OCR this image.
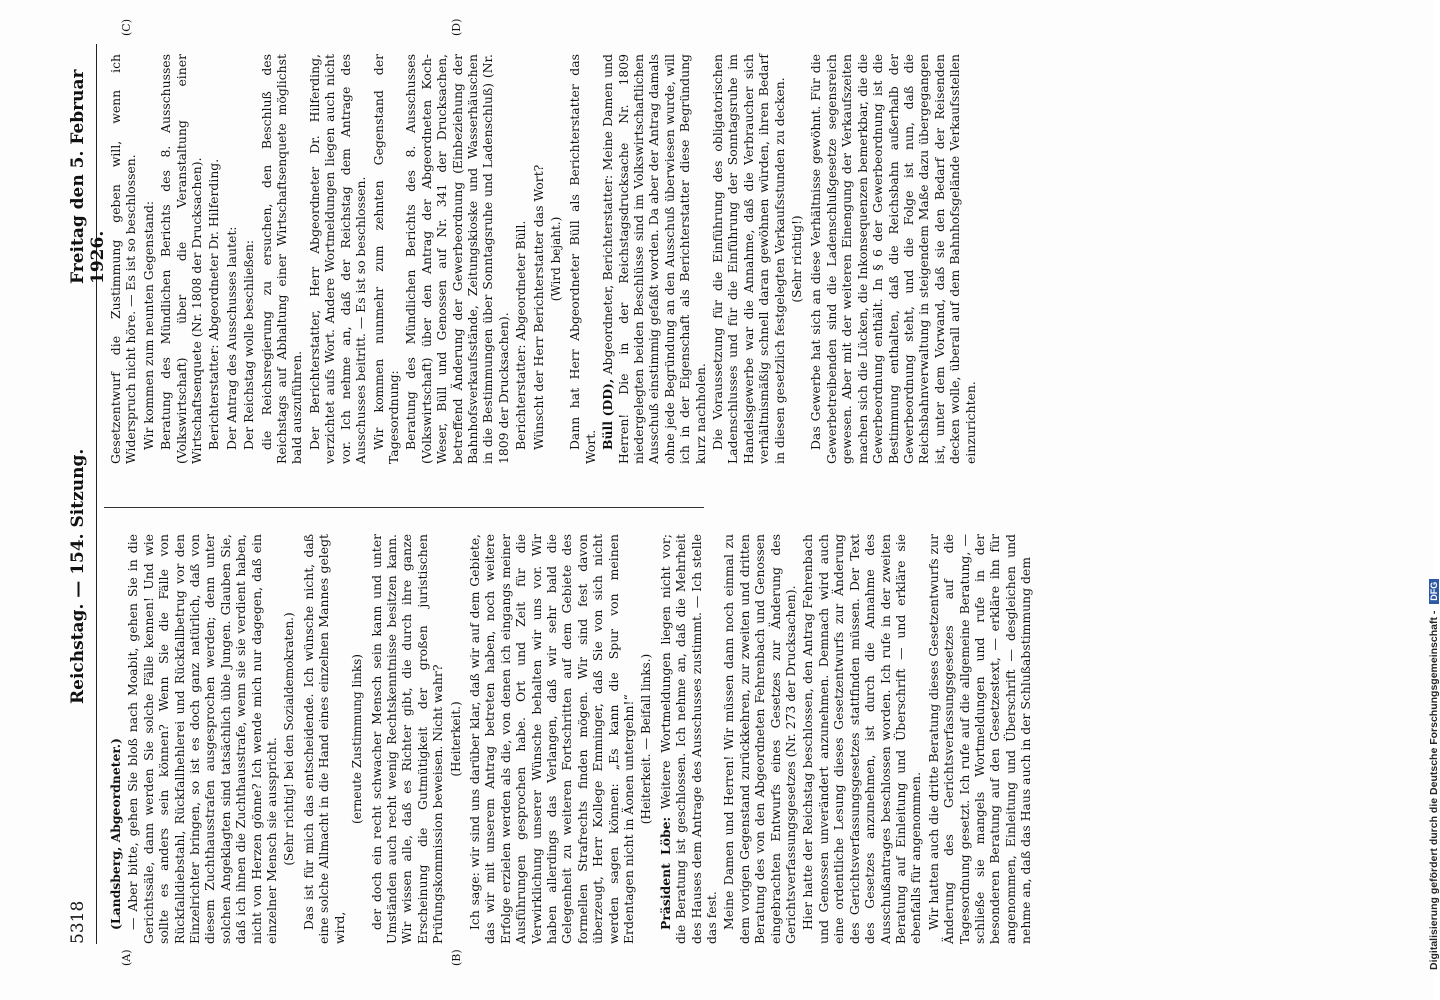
5318
Reichstag. — 154. Sitzung.
Freitag den 5. Februar 1926.
(A)	(B)
(C)	(D)

(Landsberg, Abgeordneter.) — Aber bitte, gehen Sie bloß nach Moabit, gehen Sie in die Gerichtssäle, dann werden Sie solche Fälle kennen! Und wie sollte es anders sein können? Wenn Sie die Fälle von Rückfalldiebstahl, Rückfallhehlerei und Rückfallbetrug vor den Einzelrichter bringen, so ist es doch ganz natürlich, daß von diesem Zuchthausstrafen ausgesprochen werden; denn unter solchen Angeklagten sind tatsächlich üble Jungen. Glauben Sie, daß ich ihnen die Zuchthausstrafe, wenn sie sie verdient haben, nicht von Herzen gönne? Ich wende mich nur dagegen, daß ein einzelner Mensch sie ausspricht. (Sehr richtig! bei den Sozialdemokraten.) Das ist für mich das entscheidende. Ich wünsche nicht, daß eine solche Allmacht in die Hand eines einzelnen Mannes gelegt wird,

(erneute Zustimmung links) der doch ein recht schwacher Mensch sein kann und unter Umständen auch recht wenig Rechtskenntnisse besitzen kann. Wir wissen alle, daß es Richter gibt, die durch ihre ganze Erscheinung die Gutmütigkeit der großen juristischen Prüfungskommission beweisen. Nicht wahr? (Heiterkeit.) Ich sage: wir sind uns darüber klar, daß wir auf dem Gebiete, das wir mit unserem Antrag betreten haben, noch weitere Erfolge erzielen werden als die, von denen ich eingangs meiner Ausführungen gesprochen habe. Ort und Zeit für die Verwirklichung unserer Wünsche behalten wir uns vor. Wir haben allerdings das Verlangen, daß wir sehr bald die Gelegenheit zu weiteren Fortschritten auf dem Gebiete des formellen Strafrechts finden mögen. Wir sind fest davon überzeugt, Herr Kollege Emminger, daß Sie von sich nicht werden sagen können: „Es kann die Spur von meinen Erdentagen nicht in Äonen untergehn!“ (Heiterkeit. — Beifall links.)

Präsident Löbe: Weitere Wortmeldungen liegen nicht vor; die Beratung ist geschlossen. Ich nehme an, daß die Mehrheit des Hauses dem Antrage des Ausschusses zustimmt. — Ich stelle das fest. Meine Damen und Herren! Wir müssen dann noch einmal zu dem vorigen Gegenstand zurückkehren, zur zweiten und dritten Beratung des von den Abgeordneten Fehrenbach und Genossen eingebrachten Entwurfs eines Gesetzes zur Änderung des Gerichtsverfassungsgesetzes (Nr. 273 der Drucksachen). Hier hatte der Reichstag beschlossen, den Antrag Fehrenbach und Genossen unverändert anzunehmen. Demnach wird auch eine ordentliche Lesung dieses Gesetzentwurfs zur Änderung des Gerichtsverfassungsgesetzes stattfinden müssen. Der Text des Gesetzes anzunehmen, ist durch die Annahme des Ausschußantrages beschlossen worden. Ich rufe in der zweiten Beratung auf Einleitung und Überschrift — und erkläre sie ebenfalls für angenommen. Wir hatten auch die dritte Beratung dieses Gesetzentwurfs zur Änderung des Gerichtsverfassungsgesetzes auf die Tagesordnung gesetzt. Ich rufe auf die allgemeine Beratung, — schließe sie mangels Wortmeldungen und rufe in der besonderen Beratung auf den Gesetzestext, — erkläre ihn für angenommen, Einleitung und Überschrift — desgleichen und nehme an, daß das Haus auch in der Schlußabstimmung dem

Gesetzentwurf die Zustimmung geben will, wenn ich Widerspruch nicht höre. — Es ist so beschlossen. Wir kommen zum neunten Gegenstand: Beratung des Mündlichen Berichts des 8. Ausschusses (Volkswirtschaft) über die Veranstaltung einer Wirtschaftsenquete (Nr. 1808 der Drucksachen). Berichterstatter: Abgeordneter Dr. Hilferding. Der Antrag des Ausschusses lautet: Der Reichstag wolle beschließen: die Reichsregierung zu ersuchen, den Beschluß des Reichstags auf Abhaltung einer Wirtschaftsenquete möglichst bald auszuführen. Der Berichterstatter, Herr Abgeordneter Dr. Hilferding, verzichtet aufs Wort. Andere Wortmeldungen liegen auch nicht vor. Ich nehme an, daß der Reichstag dem Antrage des Ausschusses beitritt. — Es ist so beschlossen. Wir kommen nunmehr zum zehnten Gegenstand der Tagesordnung: Beratung des Mündlichen Berichts des 8. Ausschusses (Volkswirtschaft) über den Antrag der Abgeordneten Koch-Weser, Büll und Genossen auf Nr. 341 der Drucksachen, betreffend Änderung der Gewerbeordnung (Einbeziehung der Bahnhofsverkaufsstände, Zeitungskioske und Wasserhäuschen in die Bestimmungen über Sonntagsruhe und Ladenschluß) (Nr. 1809 der Drucksachen). Berichterstatter: Abgeordneter Büll. Wünscht der Herr Berichterstatter das Wort? (Wird bejaht.) Dann hat Herr Abgeordneter Büll als Berichterstatter das Wort. Büll (DD), Abgeordneter, Berichterstatter: Meine Damen und Herren! Die in der Reichstagsdrucksache Nr. 1809 niedergelegten beiden Beschlüsse sind im Volkswirtschaftlichen Ausschuß einstimmig gefaßt worden. Da aber der Antrag damals ohne jede Begründung an den Ausschuß überwiesen wurde, will ich in der Eigenschaft als Berichterstatter diese Begründung kurz nachholen. Die Voraussetzung für die Einführung des obligatorischen Ladenschlusses und für die Einführung der Sonntagsruhe im Handelsgewerbe war die Annahme, daß die Verbraucher sich verhältnismäßig schnell daran gewöhnen würden, ihren Bedarf in diesen gesetzlich festgelegten Verkaufsstunden zu decken. (Sehr richtig!) Das Gewerbe hat sich an diese Verhältnisse gewöhnt. Für die Gewerbetreibenden sind die Ladenschlußgesetze segensreich gewesen. Aber mit der weiteren Einengung der Verkaufszeiten machen sich die Lücken, die Inkonsequenzen bemerkbar, die die Gewerbeordnung enthält. In § 6 der Gewerbeordnung ist die Bestimmung enthalten, daß die Reichsbahn außerhalb der Gewerbeordnung steht, und die Folge ist nun, daß die Reichsbahnverwaltung in steigendem Maße dazu übergegangen ist, unter dem Vorwand, daß sie den Bedarf der Reisenden decken wolle, überall auf dem Bahnhofsgelände Verkaufsstellen einzurichten.

Digitalisierung gefördert durch die Deutsche Forschungsgemeinschaft - DFG
